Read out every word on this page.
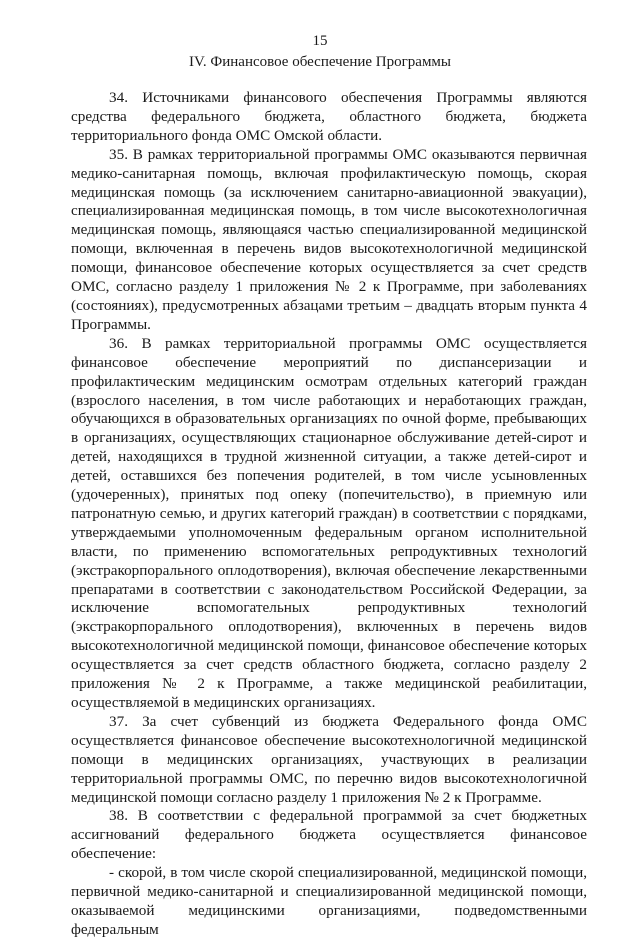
15
IV. Финансовое обеспечение Программы

34. Источниками финансового обеспечения Программы являются средства федерального бюджета, областного бюджета, бюджета территориального фонда ОМС Омской области.

35. В рамках территориальной программы ОМС оказываются первичная медико-санитарная помощь, включая профилактическую помощь, скорая медицинская помощь (за исключением санитарно-авиационной эвакуации), специализированная медицинская помощь, в том числе высокотехнологичная медицинская помощь, являющаяся частью специализированной медицинской помощи, включенная в перечень видов высокотехнологичной медицинской помощи, финансовое обеспечение которых осуществляется за счет средств ОМС, согласно разделу 1 приложения № 2 к Программе, при заболеваниях (состояниях), предусмотренных абзацами третьим – двадцать вторым пункта 4 Программы.

36. В рамках территориальной программы ОМС осуществляется финансовое обеспечение мероприятий по диспансеризации и профилактическим медицинским осмотрам отдельных категорий граждан (взрослого населения, в том числе работающих и неработающих граждан, обучающихся в образовательных организациях по очной форме, пребывающих в организациях, осуществляющих стационарное обслуживание детей-сирот и детей, находящихся в трудной жизненной ситуации, а также детей-сирот и детей, оставшихся без попечения родителей, в том числе усыновленных (удочеренных), принятых под опеку (попечительство), в приемную или патронатную семью, и других категорий граждан) в соответствии с порядками, утверждаемыми уполномоченным федеральным органом исполнительной власти, по применению вспомогательных репродуктивных технологий (экстракорпорального оплодотворения), включая обеспечение лекарственными препаратами в соответствии с законодательством Российской Федерации, за исключение вспомогательных репродуктивных технологий (экстракорпорального оплодотворения), включенных в перечень видов высокотехнологичной медицинской помощи, финансовое обеспечение которых осуществляется за счет средств областного бюджета, согласно разделу 2 приложения № 2 к Программе, а также медицинской реабилитации, осуществляемой в медицинских организациях.

37. За счет субвенций из бюджета Федерального фонда ОМС осуществляется финансовое обеспечение высокотехнологичной медицинской помощи в медицинских организациях, участвующих в реализации территориальной программы ОМС, по перечню видов высокотехнологичной медицинской помощи согласно разделу 1 приложения № 2 к Программе.

38. В соответствии с федеральной программой за счет бюджетных ассигнований федерального бюджета осуществляется финансовое обеспечение:

- скорой, в том числе скорой специализированной, медицинской помощи, первичной медико-санитарной и специализированной медицинской помощи, оказываемой медицинскими организациями, подведомственными федеральным
